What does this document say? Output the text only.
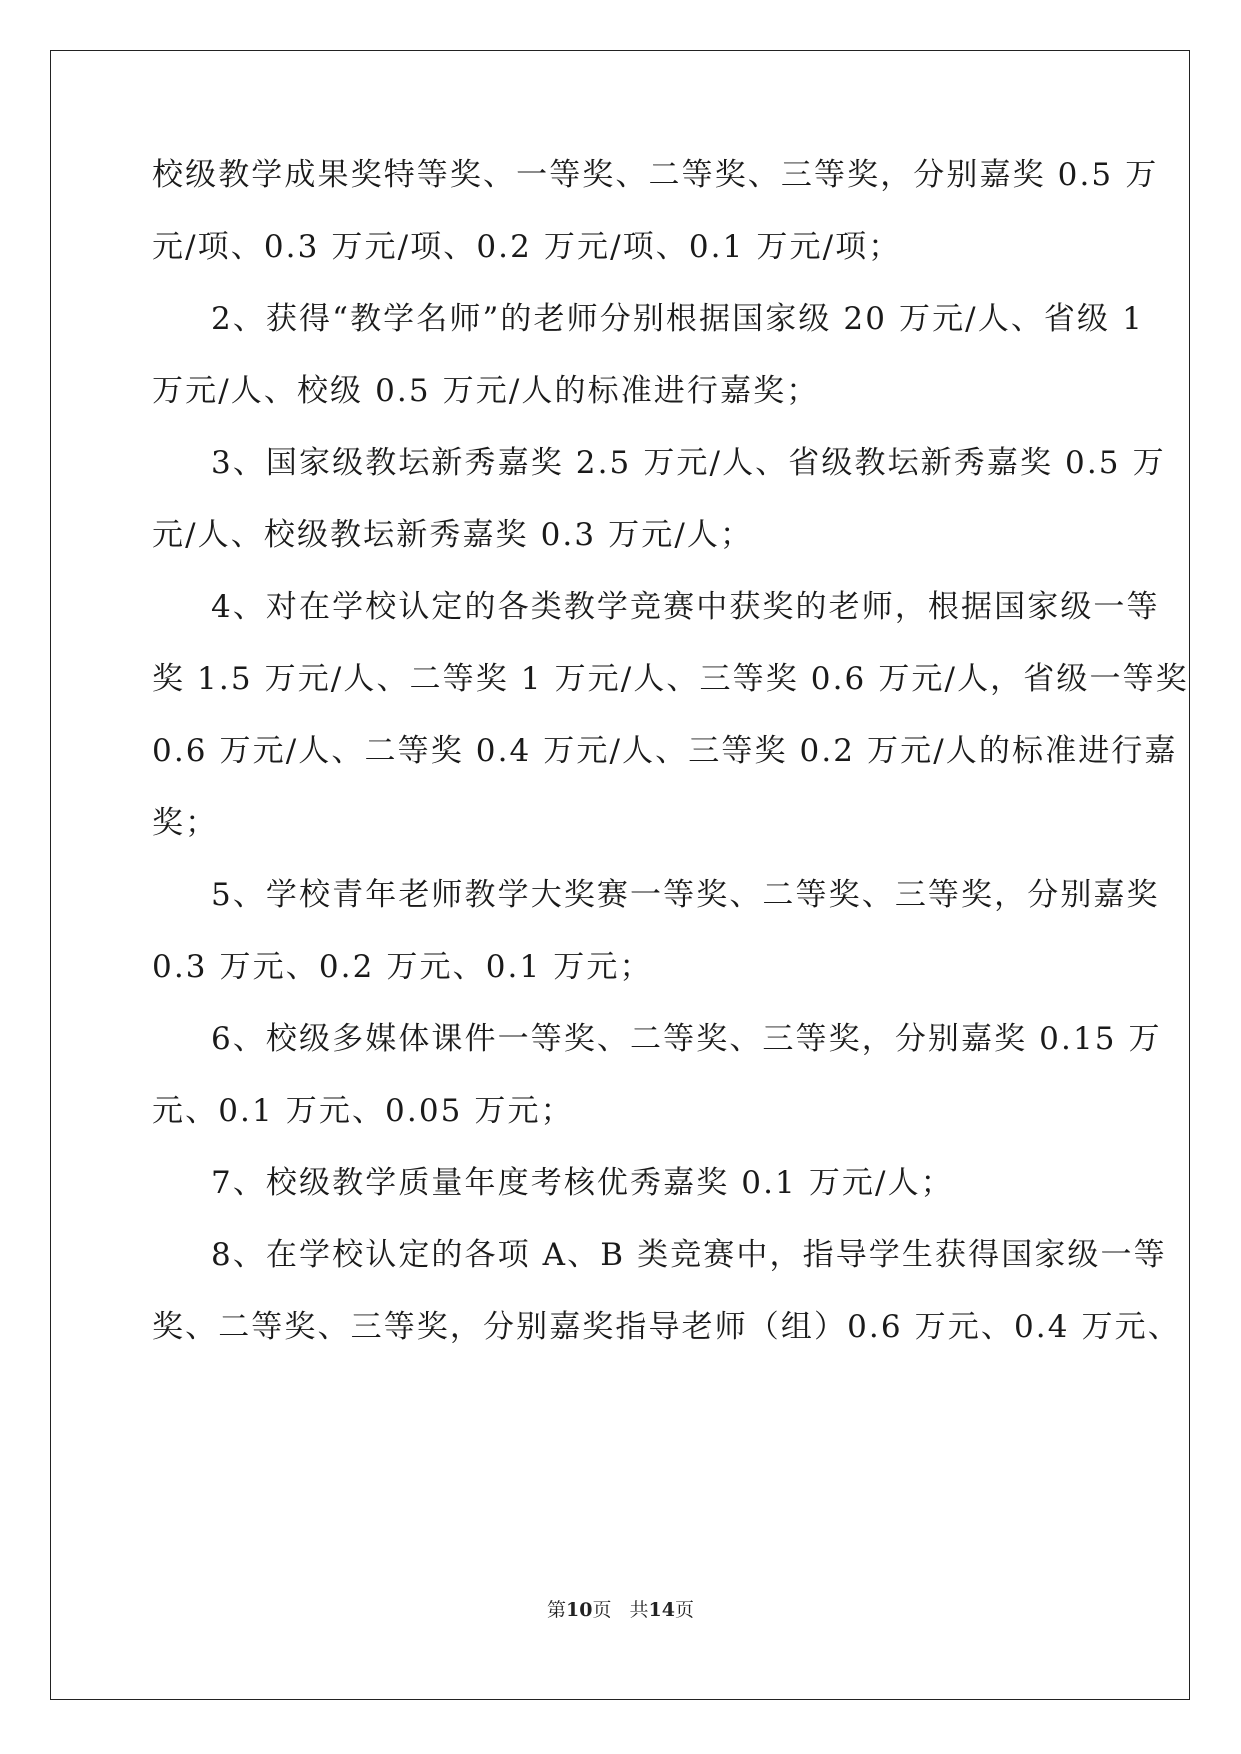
校级教学成果奖特等奖、一等奖、二等奖、三等奖，分别嘉奖 0.5 万

元/项、0.3 万元/项、0.2 万元/项、0.1 万元/项；

2、获得“教学名师”的老师分别根据国家级 20 万元/人、省级 1

万元/人、校级 0.5 万元/人的标准进行嘉奖；

3、国家级教坛新秀嘉奖 2.5 万元/人、省级教坛新秀嘉奖 0.5 万

元/人、校级教坛新秀嘉奖 0.3 万元/人；

4、对在学校认定的各类教学竞赛中获奖的老师，根据国家级一等

奖 1.5 万元/人、二等奖 1 万元/人、三等奖 0.6 万元/人，省级一等奖

0.6 万元/人、二等奖 0.4 万元/人、三等奖 0.2 万元/人的标准进行嘉

奖；

5、学校青年老师教学大奖赛一等奖、二等奖、三等奖，分别嘉奖

0.3 万元、0.2 万元、0.1 万元；

6、校级多媒体课件一等奖、二等奖、三等奖，分别嘉奖 0.15 万

元、0.1 万元、0.05 万元；

7、校级教学质量年度考核优秀嘉奖 0.1 万元/人；

8、在学校认定的各项 A、B 类竞赛中，指导学生获得国家级一等

奖、二等奖、三等奖，分别嘉奖指导老师（组）0.6 万元、0.4 万元、

第10页 共14页
